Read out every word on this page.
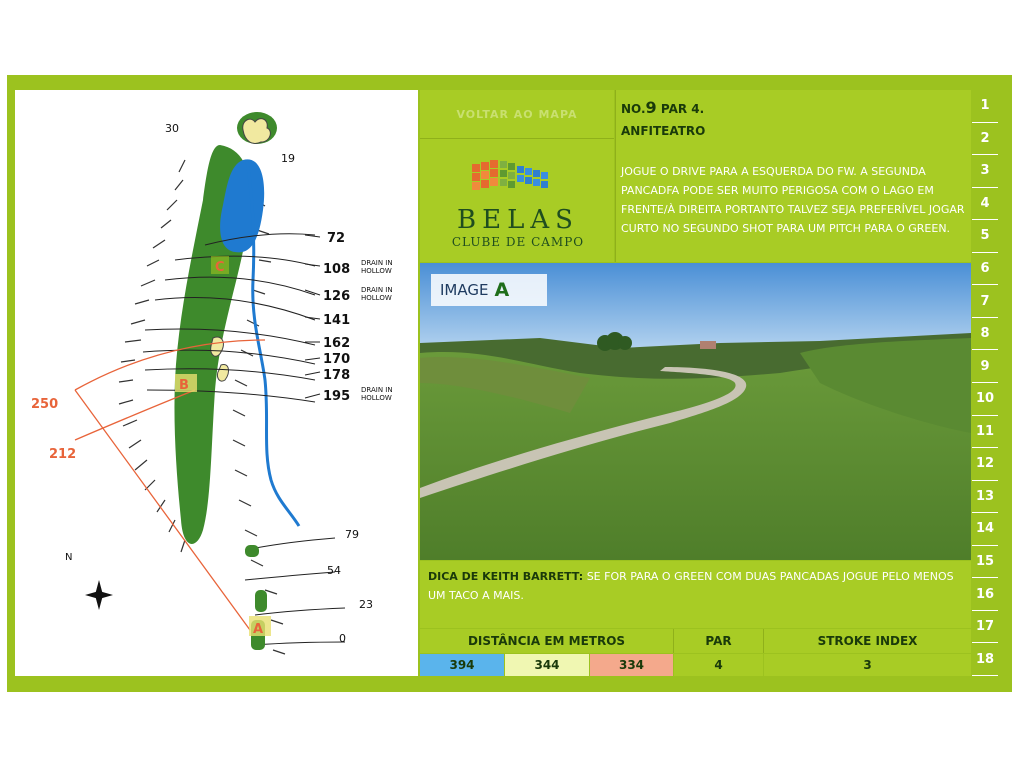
N
72
108
126
141
162
170
178
195
DRAIN IN
HOLLOW
DRAIN IN
HOLLOW
DRAIN IN
HOLLOW
30
19
79
54
23
0
250
212
C
B
A
VOLTAR AO MAPA
BELAS
CLUBE DE CAMPO
NO.9 PAR 4.
ANFITEATRO
JOGUE O DRIVE PARA A ESQUERDA DO FW. A SEGUNDA PANCADFA PODE SER MUITO PERIGOSA COM O LAGO EM FRENTE/À DIREITA PORTANTO TALVEZ SEJA PREFERÍVEL JOGAR CURTO NO SEGUNDO SHOT PARA UM PITCH PARA O GREEN.
IMAGE A
DICA DE KEITH BARRETT: SE FOR PARA O GREEN COM DUAS PANCADAS JOGUE PELO MENOS UM TACO A MAIS.
DISTÂNCIA EM METROS	PAR	STROKE INDEX
394	344	334	4	3
1
2
3
4
5
6
7
8
9
10
11
12
13
14
15
16
17
18
